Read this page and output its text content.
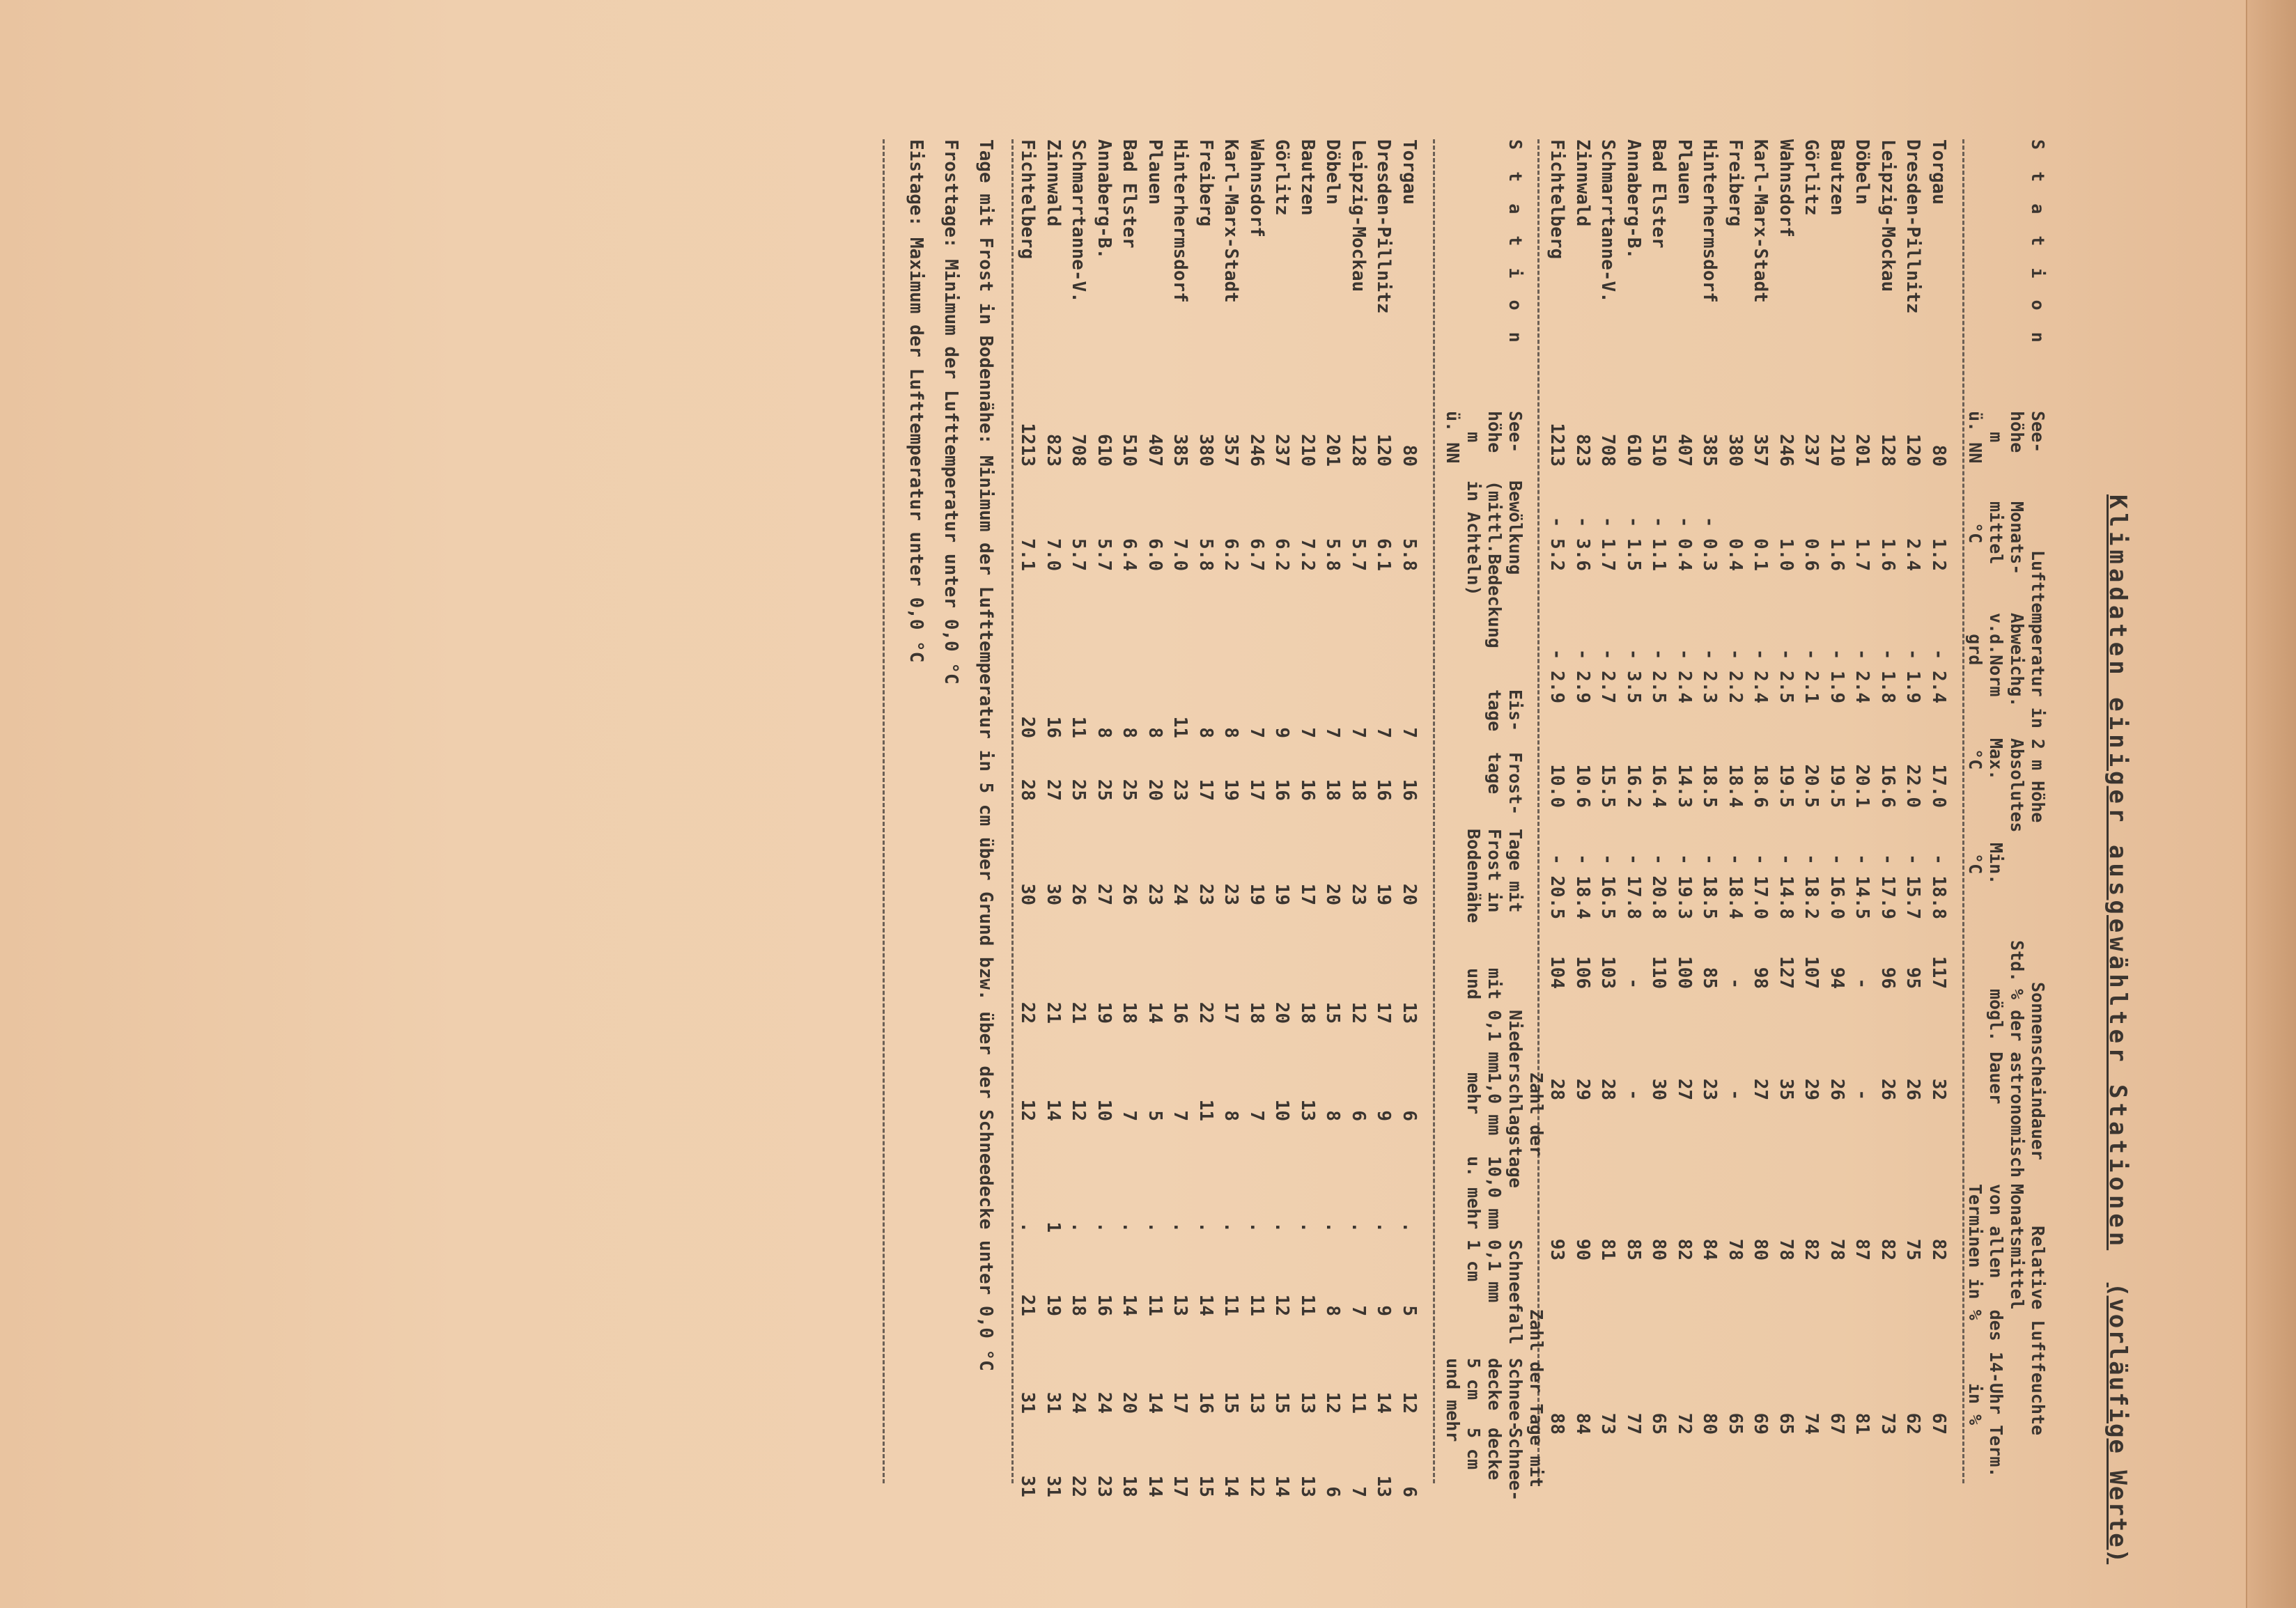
Klimadaten einiger ausgewählter Stationen (vorläufige Werte)
S t a t i o n
See-
höhe
m
ü. NN
Lufttemperatur in 2 m Höhe
Monats-
mittel
°C
Abweichg.
v.d.Norm
grd
Absolutes
Max.
°C

Min.
°C
Sonnenscheindauer
Std.
% der astronomisch
mögl. Dauer
Relative Luftfeuchte
Monatsmittel
von allen   des 14-Uhr Term.
Terminen in %      in %
Torgau
80
1.2
- 2.4
17.0
- 18.8
117
32
82
67
Dresden-Pillnitz
120
2.4
- 1.9
22.0
- 15.7
95
26
75
62
Leipzig-Mockau
128
1.6
- 1.8
16.6
- 17.9
96
26
82
73
Döbeln
201
1.7
- 2.4
20.1
- 14.5
-
-
87
81
Bautzen
210
1.6
- 1.9
19.5
- 16.0
94
26
78
67
Görlitz
237
0.6
- 2.1
20.5
- 18.2
107
29
82
74
Wahnsdorf
246
1.0
- 2.5
19.5
- 14.8
127
35
78
65
Karl-Marx-Stadt
357
0.1
- 2.4
18.6
- 17.0
98
27
80
69
Freiberg
380
0.4
- 2.2
18.4
- 18.4
-
-
78
65
Hinterhermsdorf
385
- 0.3
- 2.3
18.5
- 18.5
85
23
84
80
Plauen
407
- 0.4
- 2.4
14.3
- 19.3
100
27
82
72
Bad Elster
510
- 1.1
- 2.5
16.4
- 20.8
110
30
80
65
Annaberg-B.
610
- 1.5
- 3.5
16.2
- 17.8
-
-
85
77
Schmarrtanne-V.
708
- 1.7
- 2.7
15.5
- 16.5
103
28
81
73
Zinnwald
823
- 3.6
- 2.9
10.6
- 18.4
106
29
90
84
Fichtelberg
1213
- 5.2
- 2.9
10.0
- 20.5
104
28
93
88
S t a t i o n
See-
höhe
m
ü. NN
Bewölkung
(mittl.Bedeckung
in Achteln)
Eis-
tage
Frost-
tage
Tage mit
Frost in
Bodennähe
Zahl der
Niederschlagstage
mit 0,1 mm
und
1,0 mm
mehr
10,0 mm
u. mehr
Zahl der Tage mit
Schneefall
0,1 mm
1 cm
Schnee-
decke
5 cm
Schnee-
decke
5 cm
und mehr
Torgau
80
5.8
7
16
20
13
6
.
5
12
6
Dresden-Pillnitz
120
6.1
7
16
19
17
9
.
9
14
13
Leipzig-Mockau
128
5.7
7
18
23
12
6
.
7
11
7
Döbeln
201
5.8
7
18
20
15
8
.
8
12
6
Bautzen
210
7.2
7
16
17
18
13
.
11
13
13
Görlitz
237
6.2
9
16
19
20
10
.
12
15
14
Wahnsdorf
246
6.7
7
17
19
18
7
.
11
13
12
Karl-Marx-Stadt
357
6.2
8
19
23
17
8
.
11
15
14
Freiberg
380
5.8
8
17
23
22
11
.
14
16
15
Hinterhermsdorf
385
7.0
11
23
24
16
7
.
13
17
17
Plauen
407
6.0
8
20
23
14
5
.
11
14
14
Bad Elster
510
6.4
8
25
26
18
7
.
14
20
18
Annaberg-B.
610
5.7
8
25
27
19
10
.
16
24
23
Schmarrtanne-V.
708
5.7
11
25
26
21
12
.
18
24
22
Zinnwald
823
7.0
16
27
30
21
14
1
19
31
31
Fichtelberg
1213
7.1
20
28
30
22
12
.
21
31
31
Tage mit Frost in Bodennähe: Minimum der Lufttemperatur in 5 cm über Grund bzw. über der Schneedecke unter 0,0 °C
Frosttage: Minimum der Lufttemperatur unter 0,0 °C
Eistage: Maximum der Lufttemperatur unter 0,0 °C
